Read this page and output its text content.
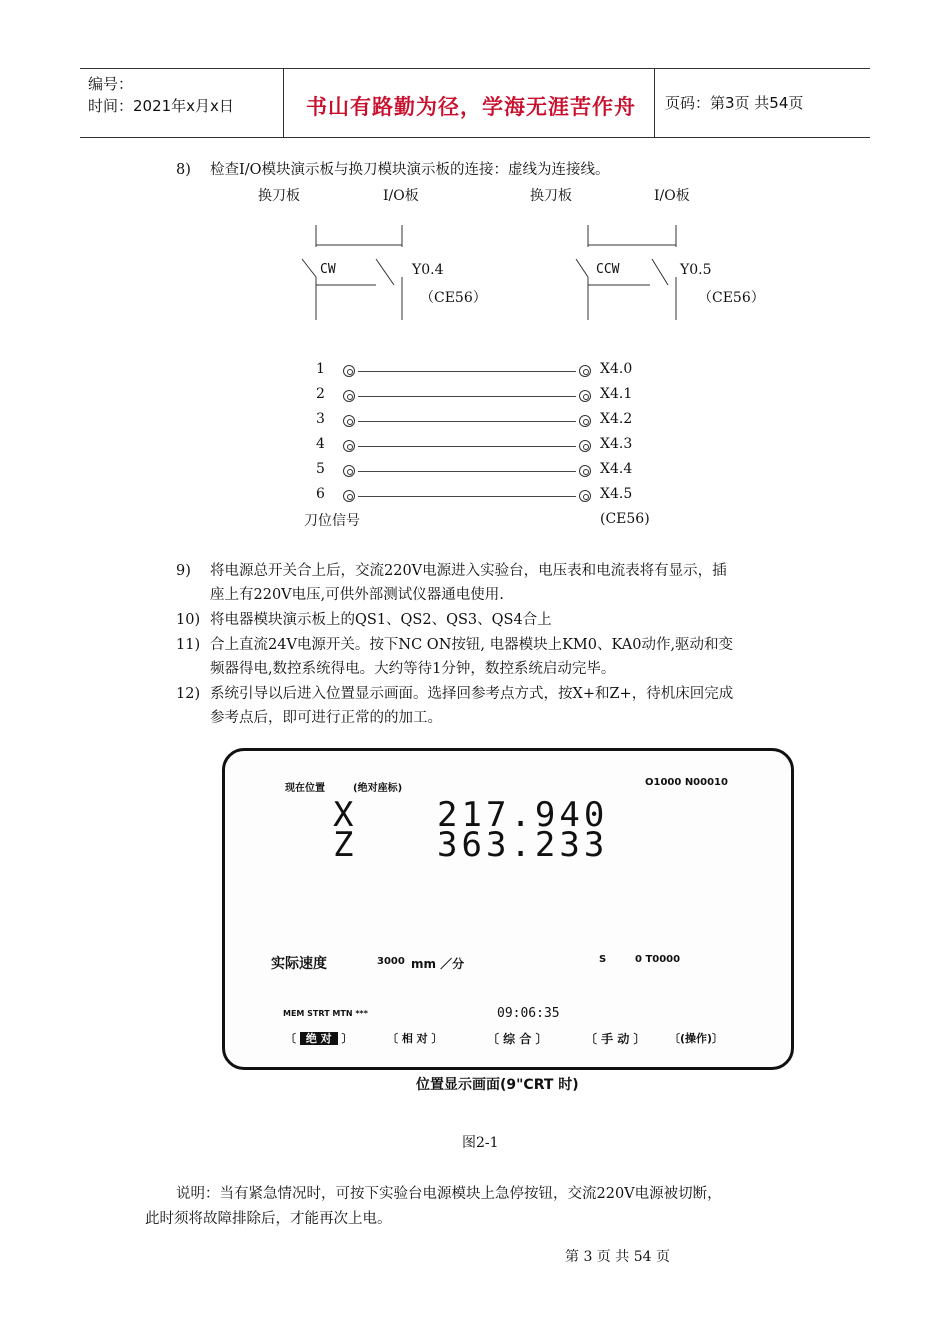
编号：
时间：2021年x月x日	书山有路勤为径，学海无涯苦作舟	页码：第3页 共54页
8) 检查I/O模块演示板与换刀模块演示板的连接：虚线为连接线。
换刀板	I/O板	换刀板	I/O板
CW	Y0.4
（CE56）
CCW	Y0.5
（CE56）
1	X4.0
2	X4.1
3	X4.2
4	X4.3
5	X4.4
6	X4.5
刀位信号	(CE56)
9) 将电源总开关合上后，交流220V电源进入实验台，电压表和电流表将有显示，插
座上有220V电压,可供外部测试仪器通电使用.
10) 将电器模块演示板上的QS1、QS2、QS3、QS4合上
11) 合上直流24V电源开关。按下NC ON按钮, 电器模块上KM0、KA0动作,驱动和变
频器得电,数控系统得电。大约等待1分钟，数控系统启动完毕。
12) 系统引导以后进入位置显示画面。选择回参考点方式，按X+和Z+，待机床回完成
参考点后，即可进行正常的的加工。
现在位置	(绝对座标)
O1000 N00010
X 217.940
Z 363.233
实际速度	3000 mm ／分	S	0 T0000
MEM STRT MTN ***	09:06:35
〔 绝 对 〕	〔 相 对 〕	〔 综 合 〕	〔 手 动 〕 〔(操作)〕
位置显示画面(9"CRT 时)
图2-1
说明：当有紧急情况时，可按下实验台电源模块上急停按钮，交流220V电源被切断，
此时须将故障排除后，才能再次上电。
第 3 页 共 54 页
